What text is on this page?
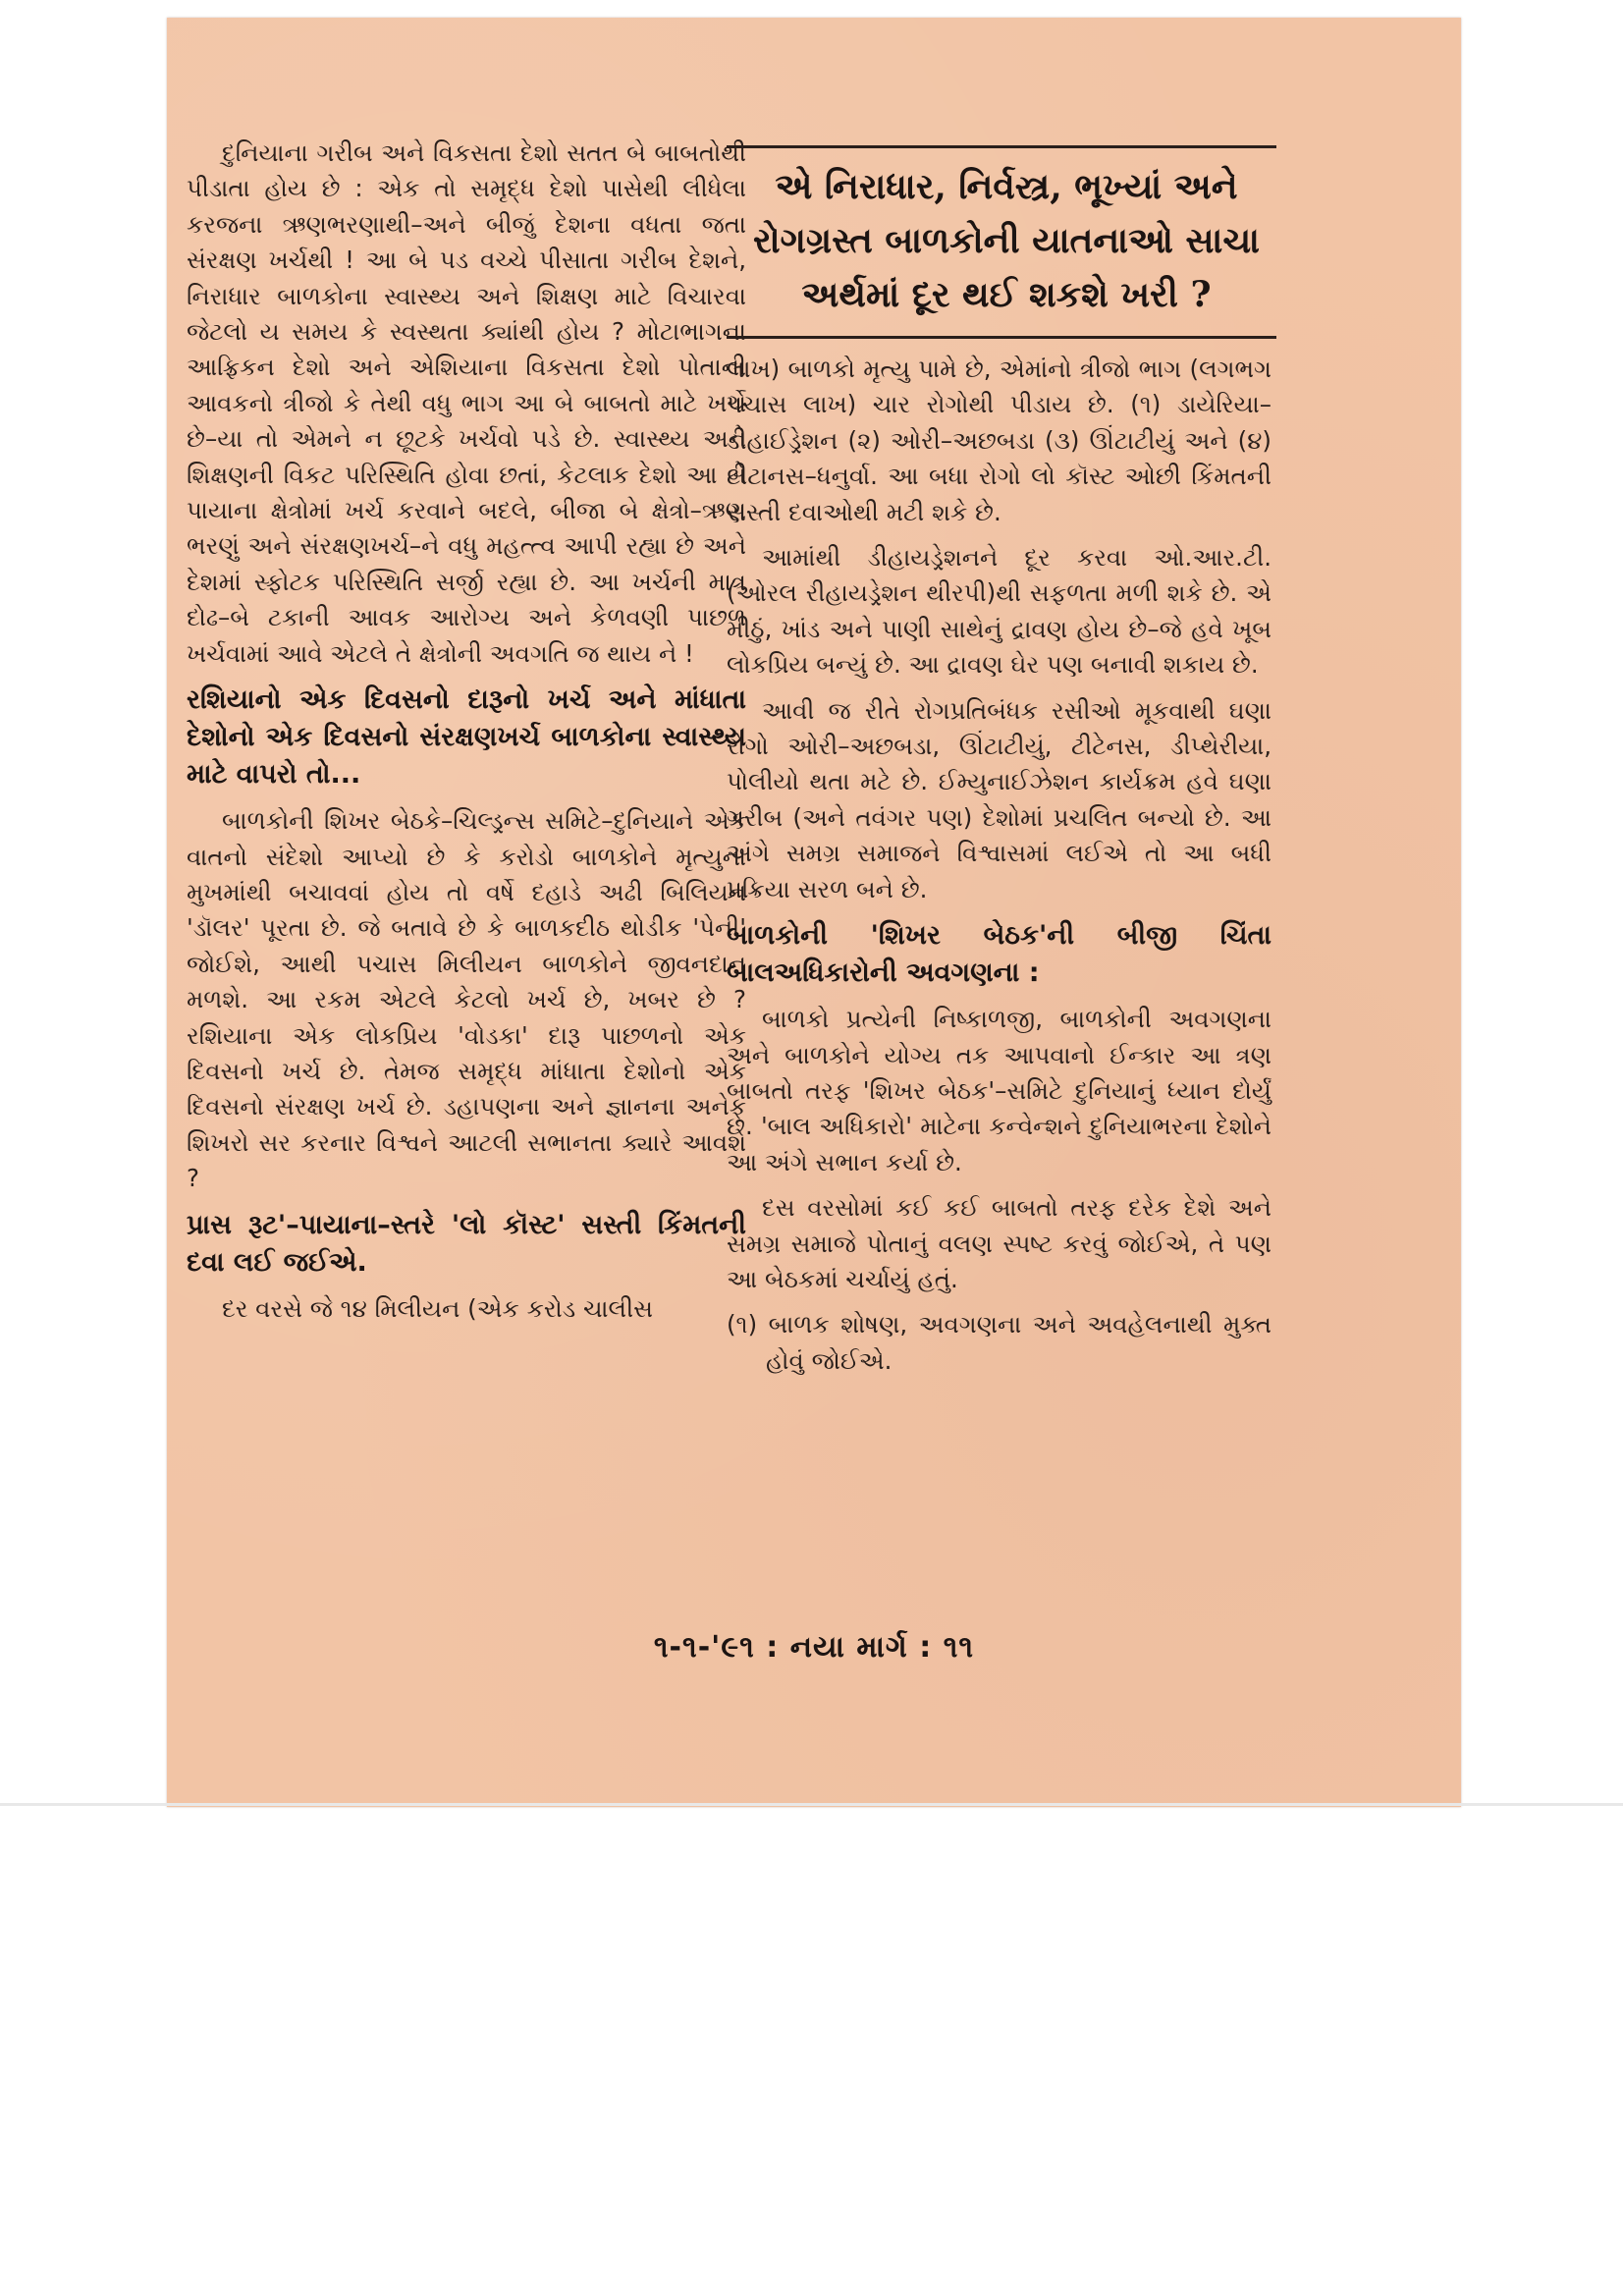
દુનિયાના ગરીબ અને વિકસતા દેશો સતત બે બાબતોથી પીડાતા હોય છે : એક તો સમૃદ્ધ દેશો પાસેથી લીધેલા કરજના ઋણભરણાથી–અને બીજું દેશના વધતા જતા સંરક્ષણ ખર્ચથી ! આ બે પડ વચ્ચે પીસાતા ગરીબ દેશને, નિરાધાર બાળકોના સ્વાસ્થ્ય અને શિક્ષણ માટે વિચારવા જેટલો ય સમય કે સ્વસ્થતા ક્યાંથી હોય ? મોટાભાગના આફ્રિકન દેશો અને એશિયાના વિકસતા દેશો પોતાની આવકનો ત્રીજો કે તેથી વધુ ભાગ આ બે બાબતો માટે ખર્ચે છે–યા તો એમને ન છૂટકે ખર્ચવો પડે છે. સ્વાસ્થ્ય અને શિક્ષણની વિકટ પરિસ્થિતિ હોવા છતાં, કેટલાક દેશો આ બે પાયાના ક્ષેત્રોમાં ખર્ચ કરવાને બદલે, બીજા બે ક્ષેત્રો–ઋણ ભરણું અને સંરક્ષણખર્ચ–ને વધુ મહત્ત્વ આપી રહ્યા છે અને દેશમાં સ્ફોટક પરિસ્થિતિ સર્જી રહ્યા છે. આ ખર્ચની માત્ર દોઢ–બે ટકાની આવક આરોગ્ય અને કેળવણી પાછળ ખર્ચવામાં આવે એટલે તે ક્ષેત્રોની અવગતિ જ થાય ને !

રશિયાનો એક દિવસનો દારૂનો ખર્ચ અને માંધાતા દેશોનો એક દિવસનો સંરક્ષણખર્ચ બાળકોના સ્વાસ્થ્ય માટે વાપરો તો...

બાળકોની શિખર બેઠકે–ચિલ્ડ્રન્સ સમિટે–દુનિયાને એક વાતનો સંદેશો આપ્યો છે કે કરોડો બાળકોને મૃત્યુના મુખમાંથી બચાવવાં હોય તો વર્ષે દહાડે અઢી બિલિયન 'ડૉલર' પૂરતા છે. જે બતાવે છે કે બાળકદીઠ થોડીક 'પેની' જોઈશે, આથી પચાસ મિલીયન બાળકોને જીવનદાન મળશે. આ રકમ એટલે કેટલો ખર્ચ છે, ખબર છે ? રશિયાના એક લોકપ્રિય 'વોડકા' દારૂ પાછળનો એક દિવસનો ખર્ચ છે. તેમજ સમૃદ્ધ માંધાતા દેશોનો એક દિવસનો સંરક્ષણ ખર્ચ છે. ડહાપણના અને જ્ઞાનના અનેક શિખરો સર કરનાર વિશ્વને આટલી સભાનતા ક્યારે આવશે ?

પ્રાસ રૂટ'–પાયાના–સ્તરે 'લો કૉસ્ટ' સસ્તી કિંમતની દવા લઈ જઈએ.

દર વરસે જે ૧૪ મિલીયન (એક કરોડ ચાલીસ

એ નિરાધાર, નિર્વસ્ત્ર, ભૂખ્યાં અને રોગગ્રસ્ત બાળકોની યાતનાઓ સાચા અર્થમાં દૂર થઈ શકશે ખરી ?

લાખ) બાળકો મૃત્યુ પામે છે, એમાંનો ત્રીજો ભાગ (લગભગ પચાસ લાખ) ચાર રોગોથી પીડાય છે. (૧) ડાયેરિયા–ડીહાઈડ્રેશન (૨) ઓરી–અછબડા (૩) ઊંટાટીયું અને (૪) ટીટાનસ–ધનુર્વા. આ બધા રોગો લો કૉસ્ટ ઓછી કિંમતની સસ્તી દવાઓથી મટી શકે છે.

આમાંથી ડીહાયડ્રેશનને દૂર કરવા ઓ.આર.ટી. (ઓરલ રીહાયડ્રેશન થીરપી)થી સફળતા મળી શકે છે. એ મીઠું, ખાંડ અને પાણી સાથેનું દ્રાવણ હોય છે–જે હવે ખૂબ લોકપ્રિય બન્યું છે. આ દ્રાવણ ઘેર પણ બનાવી શકાય છે.

આવી જ રીતે રોગપ્રતિબંધક રસીઓ મૂકવાથી ઘણા રોગો ઓરી–અછબડા, ઊંટાટીયું, ટીટેનસ, ડીપ્થેરીયા, પોલીયો થતા મટે છે. ઈમ્યુનાઈઝેશન કાર્યક્રમ હવે ઘણા ગરીબ (અને તવંગર પણ) દેશોમાં પ્રચલિત બન્યો છે. આ અંગે સમગ્ર સમાજને વિશ્વાસમાં લઈએ તો આ બધી પ્રક્રિયા સરળ બને છે.

બાળકોની 'શિખર બેઠક'ની બીજી ચિંતા બાલઅધિકારોની અવગણના :

બાળકો પ્રત્યેની નિષ્કાળજી, બાળકોની અવગણના અને બાળકોને યોગ્ય તક આપવાનો ઈન્કાર આ ત્રણ બાબતો તરફ 'શિખર બેઠક'–સમિટે દુનિયાનું ધ્યાન દોર્યું છે. 'બાલ અધિકારો' માટેના કન્વેન્શને દુનિયાભરના દેશોને આ અંગે સભાન કર્યા છે.

દસ વરસોમાં કઈ કઈ બાબતો તરફ દરેક દેશે અને સમગ્ર સમાજે પોતાનું વલણ સ્પષ્ટ કરવું જોઈએ, તે પણ આ બેઠકમાં ચર્ચાયું હતું.

(૧) બાળક શોષણ, અવગણના અને અવહેલનાથી મુક્ત હોવું જોઈએ.

૧-૧-'૯૧ : નયા માર્ગ : ૧૧
